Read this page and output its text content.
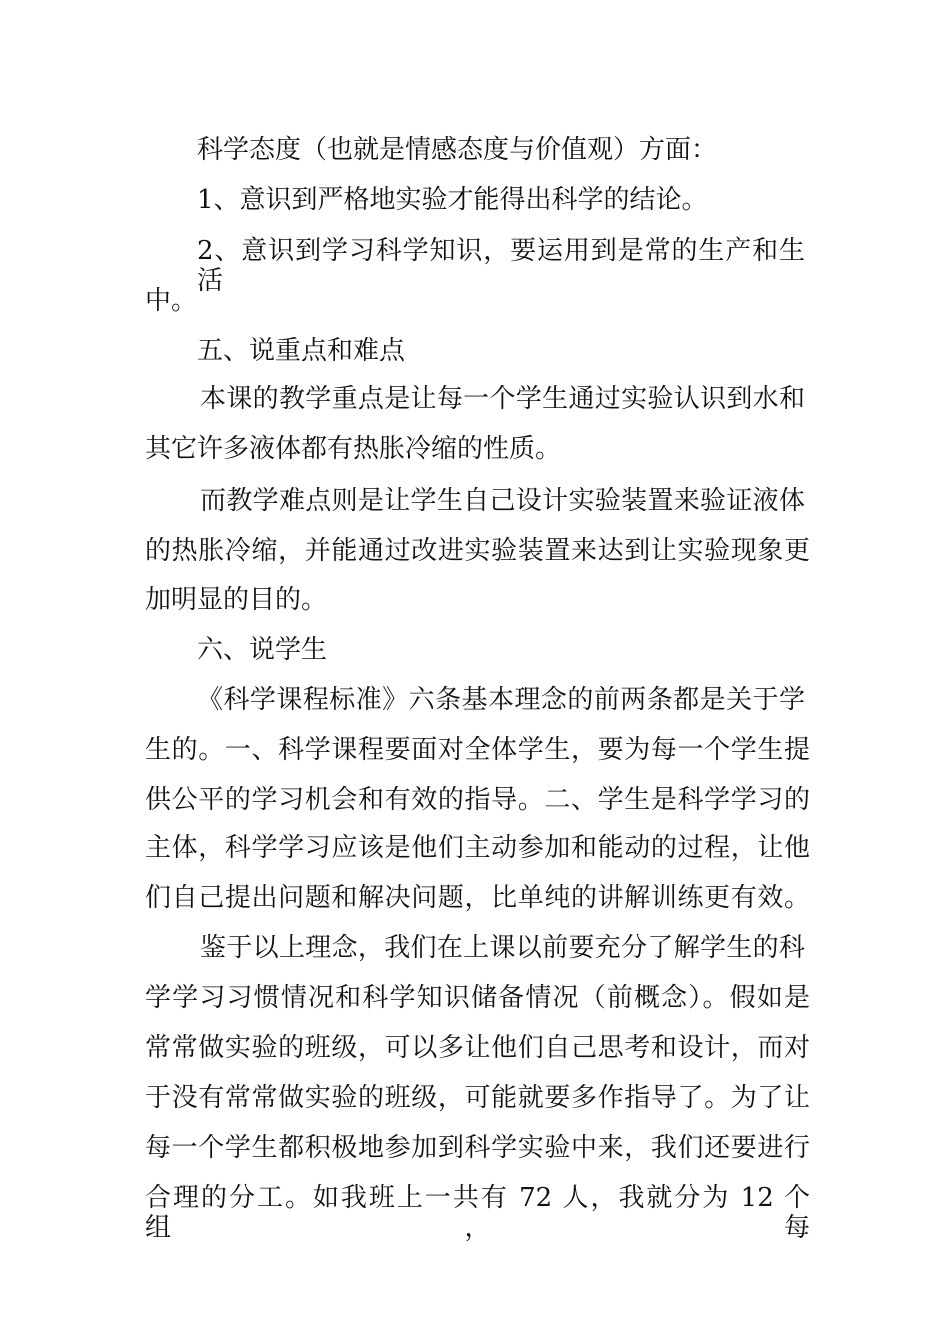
科学态度（也就是情感态度与价值观）方面：
1、意识到严格地实验才能得出科学的结论。
2、意识到学习科学知识，要运用到是常的生产和生活
中。
五、说重点和难点
本课的教学重点是让每一个学生通过实验认识到水和
其它许多液体都有热胀冷缩的性质。
而教学难点则是让学生自己设计实验装置来验证液体
的热胀冷缩，并能通过改进实验装置来达到让实验现象更
加明显的目的。
六、说学生
《科学课程标准》六条基本理念的前两条都是关于学
生的。一、科学课程要面对全体学生，要为每一个学生提
供公平的学习机会和有效的指导。二、学生是科学学习的
主体，科学学习应该是他们主动参加和能动的过程，让他
们自己提出问题和解决问题，比单纯的讲解训练更有效。
鉴于以上理念，我们在上课以前要充分了解学生的科
学学习习惯情况和科学知识储备情况（前概念）。假如是
常常做实验的班级，可以多让他们自己思考和设计，而对
于没有常常做实验的班级，可能就要多作指导了。为了让
每一个学生都积极地参加到科学实验中来，我们还要进行
合理的分工。如我班上一共有 72 人，我就分为 12 个组，每
